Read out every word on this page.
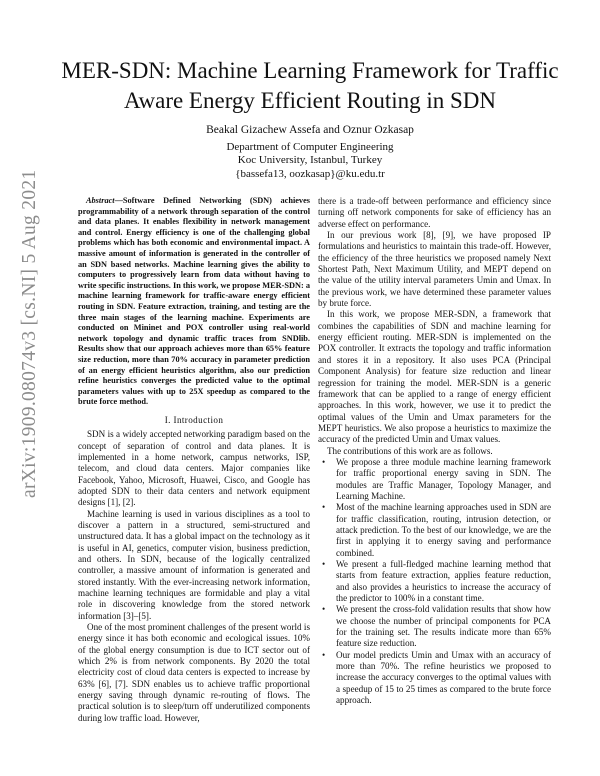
arXiv:1909.08074v3 [cs.NI] 5 Aug 2021
MER-SDN: Machine Learning Framework for Traffic Aware Energy Efficient Routing in SDN
Beakal Gizachew Assefa and Oznur Ozkasap
Department of Computer Engineering
Koc University, Istanbul, Turkey
{bassefa13, oozkasap}@ku.edu.tr

Abstract—Software Defined Networking (SDN) achieves programmability of a network through separation of the control and data planes. It enables flexibility in network management and control. Energy efficiency is one of the challenging global problems which has both economic and environmental impact. A massive amount of information is generated in the controller of an SDN based networks. Machine learning gives the ability to computers to progressively learn from data without having to write specific instructions. In this work, we propose MER-SDN: a machine learning framework for traffic-aware energy efficient routing in SDN. Feature extraction, training, and testing are the three main stages of the learning machine. Experiments are conducted on Mininet and POX controller using real-world network topology and dynamic traffic traces from SNDlib. Results show that our approach achieves more than 65% feature size reduction, more than 70% accuracy in parameter prediction of an energy efficient heuristics algorithm, also our prediction refine heuristics converges the predicted value to the optimal parameters values with up to 25X speedup as compared to the brute force method.

I. Introduction

SDN is a widely accepted networking paradigm based on the concept of separation of control and data planes. It is implemented in a home network, campus networks, ISP, telecom, and cloud data centers. Major companies like Facebook, Yahoo, Microsoft, Huawei, Cisco, and Google has adopted SDN to their data centers and network equipment designs [1], [2].

Machine learning is used in various disciplines as a tool to discover a pattern in a structured, semi-structured and unstructured data. It has a global impact on the technology as it is useful in AI, genetics, computer vision, business prediction, and others. In SDN, because of the logically centralized controller, a massive amount of information is generated and stored instantly. With the ever-increasing network information, machine learning techniques are formidable and play a vital role in discovering knowledge from the stored network information [3]–[5].

One of the most prominent challenges of the present world is energy since it has both economic and ecological issues. 10% of the global energy consumption is due to ICT sector out of which 2% is from network components. By 2020 the total electricity cost of cloud data centers is expected to increase by 63% [6], [7]. SDN enables us to achieve traffic proportional energy saving through dynamic re-routing of flows. The practical solution is to sleep/turn off underutilized components during low traffic load. However,

there is a trade-off between performance and efficiency since turning off network components for sake of efficiency has an adverse effect on performance.

In our previous work [8], [9], we have proposed IP formulations and heuristics to maintain this trade-off. However, the efficiency of the three heuristics we proposed namely Next Shortest Path, Next Maximum Utility, and MEPT depend on the value of the utility interval parameters Umin and Umax. In the previous work, we have determined these parameter values by brute force.

In this work, we propose MER-SDN, a framework that combines the capabilities of SDN and machine learning for energy efficient routing. MER-SDN is implemented on the POX controller. It extracts the topology and traffic information and stores it in a repository. It also uses PCA (Principal Component Analysis) for feature size reduction and linear regression for training the model. MER-SDN is a generic framework that can be applied to a range of energy efficient approaches. In this work, however, we use it to predict the optimal values of the Umin and Umax parameters for the MEPT heuristics. We also propose a heuristics to maximize the accuracy of the predicted Umin and Umax values.

The contributions of this work are as follows.

• We propose a three module machine learning framework for traffic proportional energy saving in SDN. The modules are Traffic Manager, Topology Manager, and Learning Machine.
• Most of the machine learning approaches used in SDN are for traffic classification, routing, intrusion detection, or attack prediction. To the best of our knowledge, we are the first in applying it to energy saving and performance combined.
• We present a full-fledged machine learning method that starts from feature extraction, applies feature reduction, and also provides a heuristics to increase the accuracy of the predictor to 100% in a constant time.
• We present the cross-fold validation results that show how we choose the number of principal components for PCA for the training set. The results indicate more than 65% feature size reduction.
• Our model predicts Umin and Umax with an accuracy of more than 70%. The refine heuristics we proposed to increase the accuracy converges to the optimal values with a speedup of 15 to 25 times as compared to the brute force approach.
